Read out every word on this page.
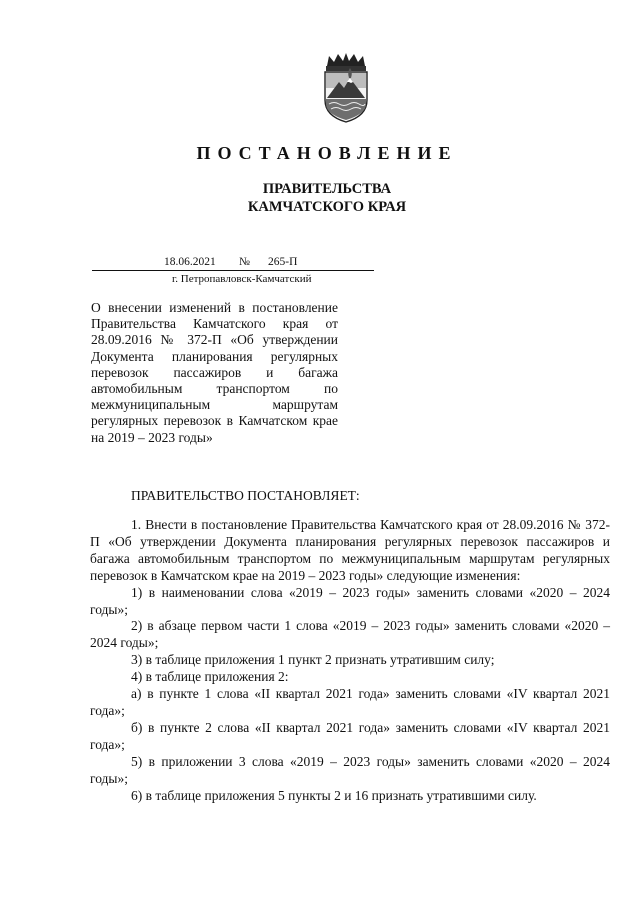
ПОСТАНОВЛЕНИЕ
ПРАВИТЕЛЬСТВА
КАМЧАТСКОГО КРАЯ
18.06.2021 № 265-П
г. Петропавловск-Камчатский
О внесении изменений в постановление Правительства Камчатского края от 28.09.2016 № 372-П «Об утверждении Документа планирования регулярных перевозок пассажиров и багажа автомобильным транспортом по межмуниципальным маршрутам регулярных перевозок в Камчатском крае на 2019 – 2023 годы»
ПРАВИТЕЛЬСТВО ПОСТАНОВЛЯЕТ:

1. Внести в постановление Правительства Камчатского края от 28.09.2016 № 372-П «Об утверждении Документа планирования регулярных перевозок пассажиров и багажа автомобильным транспортом по межмуниципальным маршрутам регулярных перевозок в Камчатском крае на 2019 – 2023 годы» следующие изменения:

1) в наименовании слова «2019 – 2023 годы» заменить словами «2020 – 2024 годы»;

2) в абзаце первом части 1 слова «2019 – 2023 годы» заменить словами «2020 – 2024 годы»;

3) в таблице приложения 1 пункт 2 признать утратившим силу;

4) в таблице приложения 2:

а) в пункте 1 слова «II квартал 2021 года» заменить словами «IV квартал 2021 года»;

б) в пункте 2 слова «II квартал 2021 года» заменить словами «IV квартал 2021 года»;

5) в приложении 3 слова «2019 – 2023 годы» заменить словами «2020 – 2024 годы»;

6) в таблице приложения 5 пункты 2 и 16 признать утратившими силу.
